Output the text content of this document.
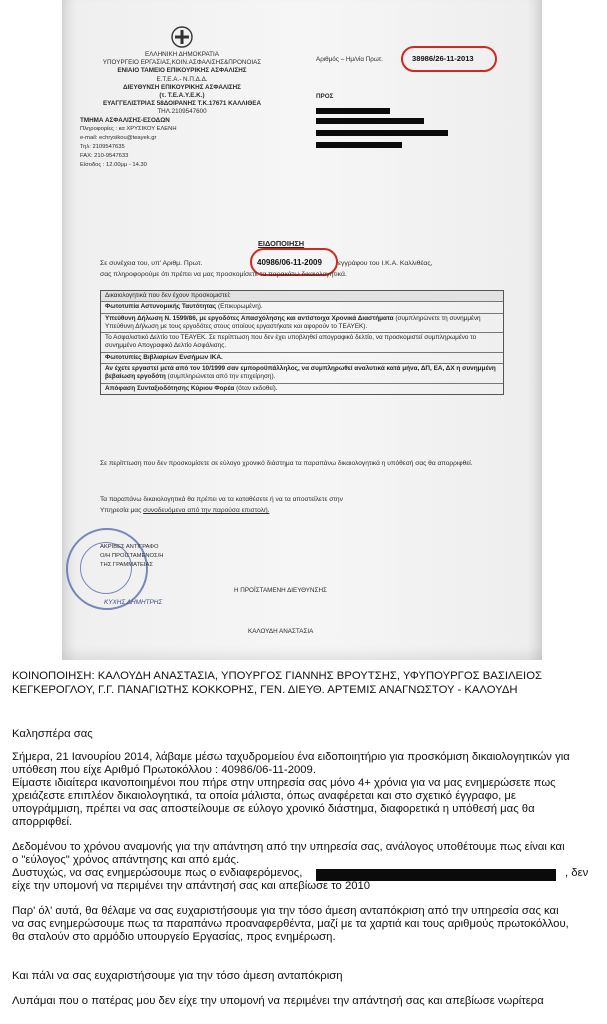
ΕΛΛΗΝΙΚΗ ΔΗΜΟΚΡΑΤΙΑ
ΥΠΟΥΡΓΕΙΟ ΕΡΓΑΣΙΑΣ,ΚΟΙΝ.ΑΣΦΑΛΙΣΗΣ&ΠΡΟΝΟΙΑΣ
ΕΝΙΑΙΟ ΤΑΜΕΙΟ ΕΠΙΚΟΥΡΙΚΗΣ ΑΣΦΑΛΙΣΗΣ
Ε.Τ.Ε.Α.- Ν.Π.Δ.Δ.
ΔΙΕΥΘΥΝΣΗ ΕΠΙΚΟΥΡΙΚΗΣ ΑΣΦΑΛΙΣΗΣ
(τ. Τ.Ε.Α.Υ.Ε.Κ.)
ΕΥΑΓΓΕΛΙΣΤΡΙΑΣ 58ΔΟΙΡΑΝΗΣ Τ.Κ.17671 ΚΑΛΛΙΘΕΑ
ΤΗΛ.2109547600
ΤΜΗΜΑ ΑΣΦΑΛΙΣΗΣ-ΕΣΟΔΩΝ
Πληροφορίες : κα ΧΡΥΣΙΚΟΥ ΕΛΕΝΗ
e-mail: echrysikou@teayek.gr
Τηλ: 2109547635
FAX: 210-9547633
Είσοδος : 12.00μμ - 14.30
Αριθμός – Ημ/νία Πρωτ.	38986/26-11-2013
ΠΡΟΣ
ΕΙΔΟΠΟΙΗΣΗ
Σε συνέχεια του, υπ' Αριθμ. Πρωτ.	40986/06-11-2009 εγγράφου του Ι.Κ.Α. Καλλιθέας,
σας πληροφορούμε ότι πρέπει να μας προσκομίσετε τα παρακάτω δικαιολογητικά.
Δικαιολογητικά που δεν έχουν προσκομιστεί:
Φωτοτυπία Αστυνομικής Ταυτότητας (Επικυρωμένη).
Υπεύθυνη Δήλωση Ν. 1599/86, με εργοδότες Απασχόλησης και αντίστοιχα Χρονικά Διαστήματα (συμπληρώνετε τη συνημμένη Υπεύθυνη Δήλωση με τους εργοδότες στους οποίους εργαστήκατε και αφορούν το ΤΕΑΥΕΚ).
Το Ασφαλιστικό Δελτίο του ΤΕΑΥΕΚ. Σε περίπτωση που δεν έχει υποβληθεί απογραφικό δελτίο, να προσκομιστεί συμπληρωμένο το συνημμένο Απογραφικό Δελτίο Ασφάλισης.
Φωτοτυπίες Βιβλιαρίων Ενσήμων ΙΚΑ.
Αν έχετε εργαστεί μετά από τον 10/1999 σαν εμποροϋπάλληλος, να συμπληρωθεί αναλυτικά κατά μήνα, ΔΠ, ΕΑ, ΔΧ η συνημμένη βεβαίωση εργοδότη (συμπληρώνεται από την επιχείρηση).
Απόφαση Συνταξιοδότησης Κύριου Φορέα (όταν εκδοθεί).
Σε περίπτωση που δεν προσκομίσετε σε εύλογο χρονικό διάστημα τα παραπάνω δικαιολογητικά η υπόθεσή σας θα απορριφθεί.
Τα παραπάνω δικαιολογητικά θα πρέπει να τα καταθέσετε ή να τα αποστείλετε στην
Υπηρεσία μας συνοδευόμενα από την παρούσα επιστολή.
ΑΚΡΙΒΕΣ ΑΝΤΙΓΡΑΦΟ
Ο/Η ΠΡΟΪΣΤΑΜΕΝΟΣ/Η
ΤΗΣ ΓΡΑΜΜΑΤΕΙΑΣ
ΚΥΧΗΣ ΔΗΜΗΤΡΗΣ
Η ΠΡΟΪΣΤΑΜΕΝΗ ΔΙΕΥΘΥΝΣΗΣ
ΚΑΛΟΥΔΗ ΑΝΑΣΤΑΣΙΑ
ΚΟΙΝΟΠΟΙΗΣΗ: ΚΑΛΟΥΔΗ ΑΝΑΣΤΑΣΙΑ, ΥΠΟΥΡΓΟΣ ΓΙΑΝΝΗΣ ΒΡΟΥΤΣΗΣ, ΥΦΥΠΟΥΡΓΟΣ ΒΑΣΙΛΕΙΟΣ
ΚΕΓΚΕΡΟΓΛΟΥ, Γ.Γ. ΠΑΝΑΓΙΩΤΗΣ ΚΟΚΚΟΡΗΣ, ΓΕΝ. ΔΙΕΥΘ. ΑΡΤΕΜΙΣ ΑΝΑΓΝΩΣΤΟΥ - ΚΑΛΟΥΔΗ
Καλησπέρα σας
Σήμερα, 21 Ιανουρίου 2014, λάβαμε μέσω ταχυδρομείου ένα ειδοποιητήριο για προσκόμιση δικαιολογητικών για
υπόθεση που είχε Αριθμό Πρωτοκόλλου : 40986/06-11-2009.
Είμαστε ιδιαίτερα ικανοποιημένοι που πήρε στην υπηρεσία σας μόνο 4+ χρόνια για να μας ενημερώσετε πως
χρειάζεστε επιπλέον δικαιολογητικά, τα οποία μάλιστα, όπως αναφέρεται και στο σχετικό έγγραφο, με
υπογράμμιση, πρέπει να σας αποστείλουμε σε εύλογο χρονικό διάστημα, διαφορετικά η υπόθεσή μας θα
απορριφθεί.
Δεδομένου το χρόνου αναμονής για την απάντηση από την υπηρεσία σας, ανάλογος υποθέτουμε πως είναι και
ο "εύλογος" χρόνος απάντησης και από εμάς.
Δυστυχώς, να σας ενημερώσουμε πως ο ενδιαφερόμενος,	, δεν
είχε την υπομονή να περιμένει την απάντησή σας και απεβίωσε το 2010
Παρ' όλ' αυτά, θα θέλαμε να σας ευχαριστήσουμε για την τόσο άμεση ανταπόκριση από την υπηρεσία σας και
να σας ενημερώσουμε πως τα παραπάνω προαναφερθέντα, μαζί με τα χαρτιά και τους αριθμούς πρωτοκόλλου,
θα σταλούν στο αρμόδιο υπουργείο Εργασίας, προς ενημέρωση.
Και πάλι να σας ευχαριστήσουμε για την τόσο άμεση ανταπόκριση
Λυπάμαι που ο πατέρας μου δεν είχε την υπομονή να περιμένει την απάντησή σας και απεβίωσε νωρίτερα
